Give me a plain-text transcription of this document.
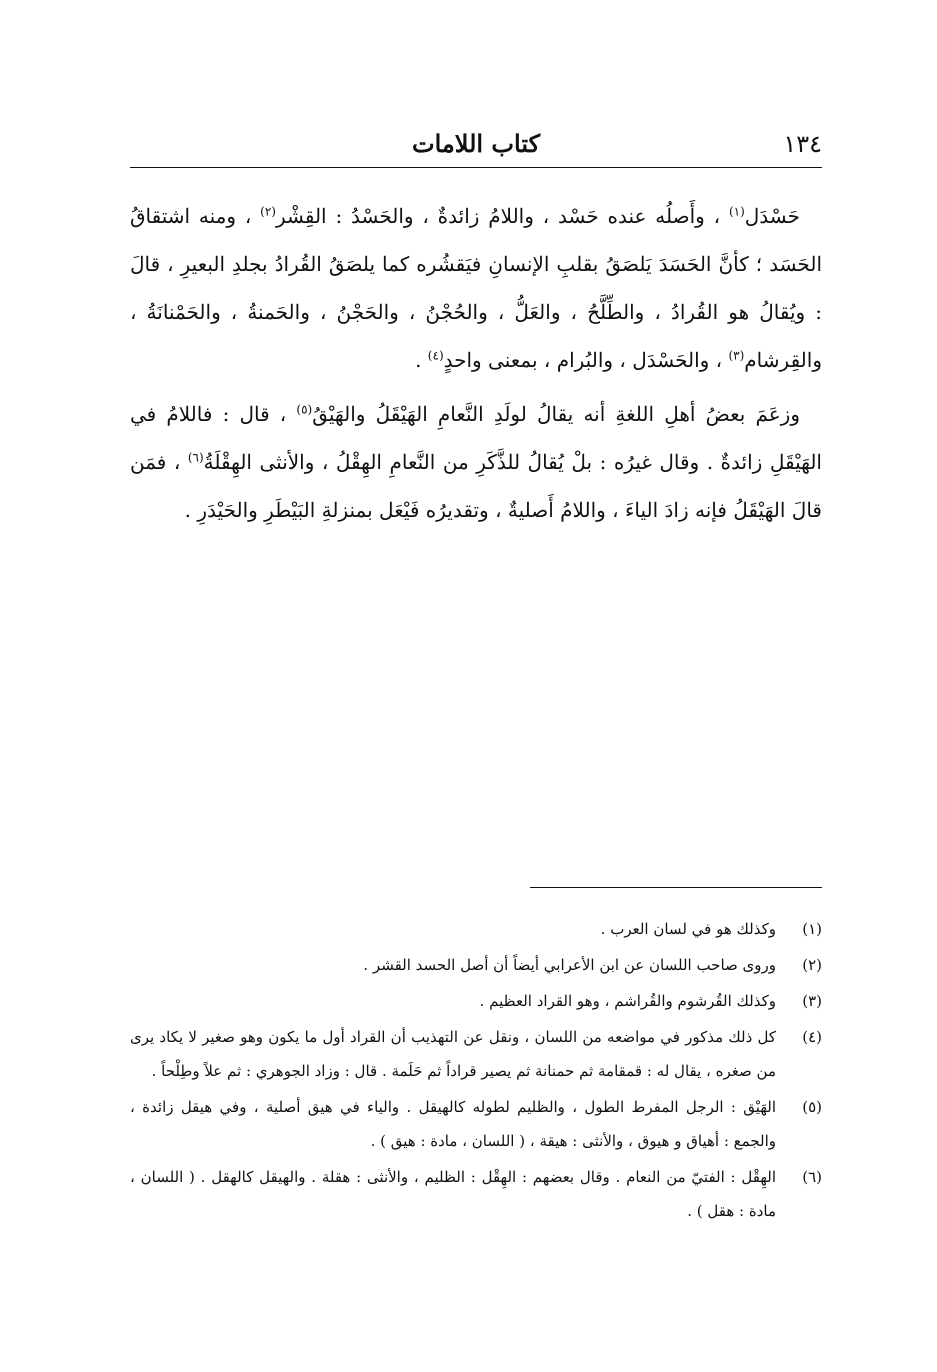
١٣٤
كتاب اللامات

حَسْدَل$^{(١)}$ ، وأَصلُه عنده حَسْد ، واللامُ زائدةٌ ، والحَسْدُ : القِشْر$^{(٢)}$ ، ومنه اشتقاقُ الحَسَد ؛ كأنَّ الحَسَدَ يَلصَقُ بقلبِ الإنسانِ فيَقشُره كما يلصَقُ القُرادُ بجلدِ البعيرِ ، قالَ : ويُقالُ هو القُرادُ ، والطِّلَّحُ ، والعَلُّ ، والحُجْنُ ، والحَجْنُ ، والحَمنةُ ، والحَمْنانَةُ ، والقِرشام$^{(٣)}$ ، والحَسْدَل ، والبُرام ، بمعنى واحدٍ$^{(٤)}$ .

وزعَمَ بعضُ أهلِ اللغةِ أنه يقالُ لولَدِ النَّعامِ الهَيْقَلُ والهَيْقُ$^{(٥)}$ ، قال : فاللامُ في الهَيْقَلِ زائدةٌ . وقال غيرُه : بلْ يُقالُ للذَّكَرِ من النَّعامِ الهِقْلُ ، والأنثى الهِقْلَةُ$^{(٦)}$ ، فمَن قالَ الهَيْقَلُ فإنه زادَ الياءَ ، واللامُ أَصليةٌ ، وتقديرُه فَيْعَل بمنزلةِ البَيْطَرِ والحَيْدَرِ .

(١)
وكذلك هو في لسان العرب .
(٢)
وروى صاحب اللسان عن ابن الأعرابي أيضاً أن أصل الحسد القشر .
(٣)
وكذلك القُرشوم والقُراشم ، وهو القراد العظيم .
(٤)
كل ذلك مذكور في مواضعه من اللسان ، ونقل عن التهذيب أن القراد أول ما يكون وهو صغير لا يكاد يرى من صغره ، يقال له : قمقامة ثم حمنانة ثم يصير قراداً ثم حَلَمة . قال : وزاد الجوهري : ثم علاً وطِلْحاً .
(٥)
الهَيْق : الرجل المفرط الطول ، والظليم لطوله كالهيقل . والياء في هيق أصلية ، وفي هيقل زائدة ، والجمع : أهياق و هيوق ، والأنثى : هيقة ، ( اللسان ، مادة : هيق ) .
(٦)
الهِقْل : الفتيّ من النعام . وقال بعضهم : الهِقْل : الظليم ، والأنثى : هقلة . والهيقل كالهقل . ( اللسان ، مادة : هقل ) .
